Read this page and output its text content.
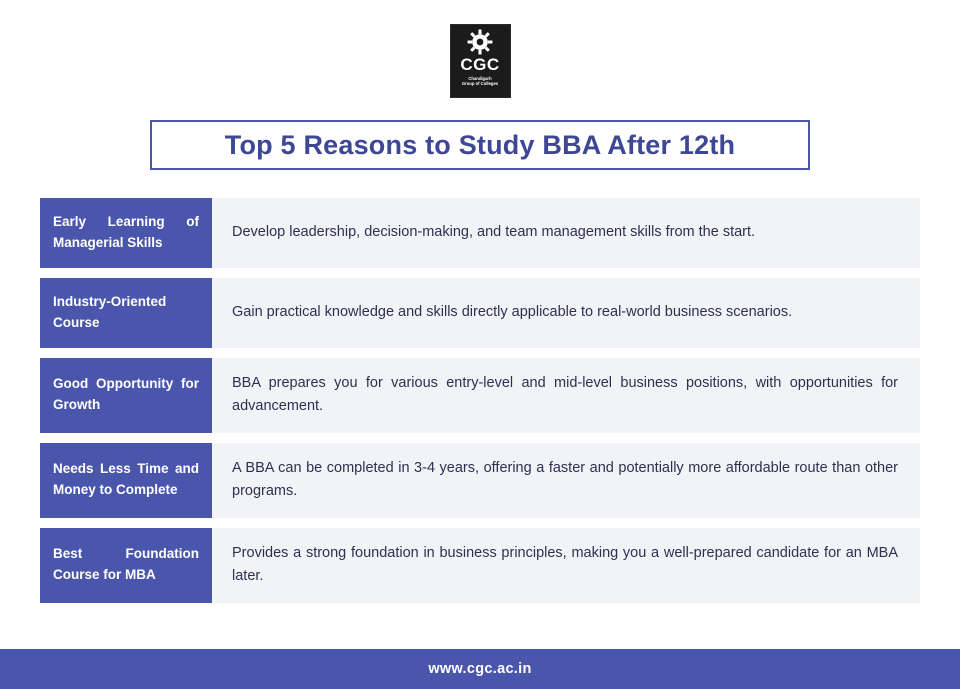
CGC
Chandigarh
Group of Colleges
Top 5 Reasons to Study BBA After 12th
Early Learning of Managerial Skills
Develop leadership, decision-making, and team management skills from the start.
Industry-Oriented Course
Gain practical knowledge and skills directly applicable to real-world business scenarios.
Good Opportunity for Growth
BBA prepares you for various entry-level and mid-level business positions, with opportunities for advancement.
Needs Less Time and Money to Complete
A BBA can be completed in 3-4 years, offering a faster and potentially more affordable route than other programs.
Best Foundation Course for MBA
Provides a strong foundation in business principles, making you a well-prepared candidate for an MBA later.
www.cgc.ac.in
